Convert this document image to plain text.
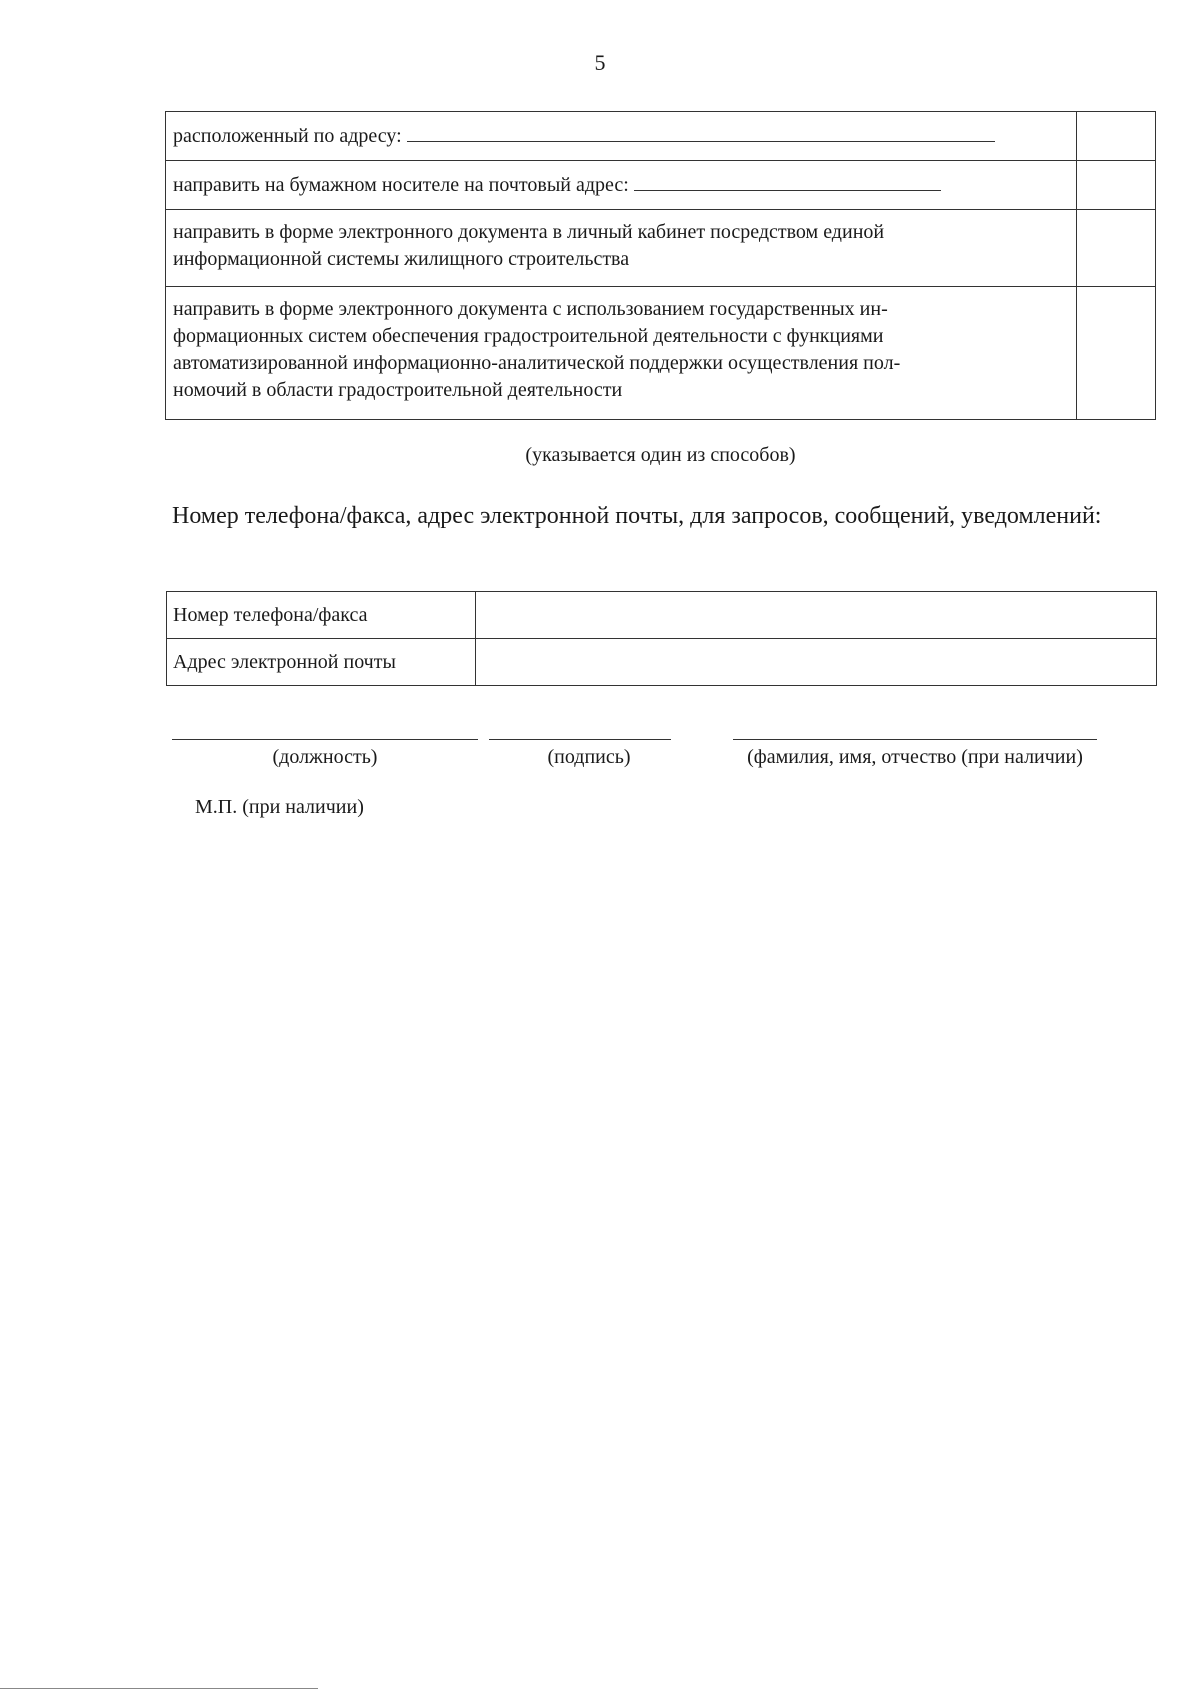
5
расположенный по адресу:	
направить на бумажном носителе на почтовый адрес:	

направить в форме электронного документа в личный кабинет посредством единой
информационной системы жилищного строительства	

направить в форме электронного документа с использованием государственных ин-
формационных систем обеспечения градостроительной деятельности с функциями
автоматизированной информационно-аналитической поддержки осуществления пол-
номочий в области градостроительной деятельности	

(указывается один из способов)
Номер телефона/факса, адрес электронной почты, для запросов, сообщений, уведомлений:
Номер телефона/факса	
Адрес электронной почты	
(должность)	(подпись)	(фамилия, имя, отчество (при наличии)
М.П. (при наличии)
